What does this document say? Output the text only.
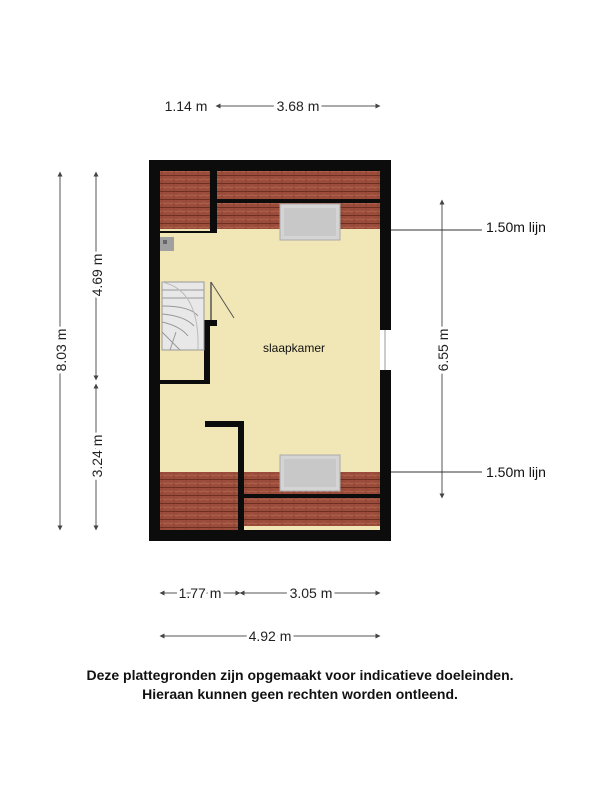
1.14 m	3.68 m
8.03 m
4.69 m
3.24 m
6.55 m
slaapkamer
1.50m lijn
1.50m lijn
1.77 m	3.05 m
4.92 m
Deze plattegronden zijn opgemaakt voor indicatieve doeleinden.
Hieraan kunnen geen rechten worden ontleend.
